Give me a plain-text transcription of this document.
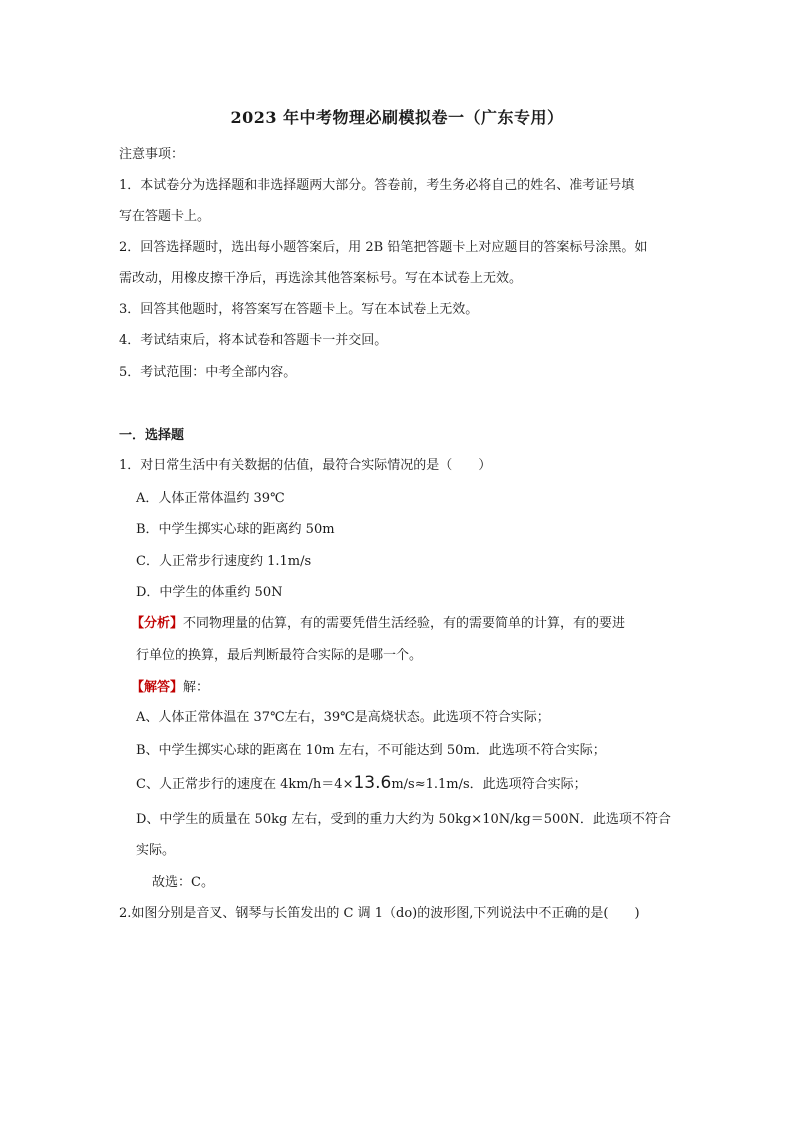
2023 年中考物理必刷模拟卷一（广东专用）
注意事项：
1．本试卷分为选择题和非选择题两大部分。答卷前，考生务必将自己的姓名、准考证号填
写在答题卡上。
2．回答选择题时，选出每小题答案后，用 2B 铅笔把答题卡上对应题目的答案标号涂黑。如
需改动，用橡皮擦干净后，再选涂其他答案标号。写在本试卷上无效。
3．回答其他题时，将答案写在答题卡上。写在本试卷上无效。
4．考试结束后，将本试卷和答题卡一并交回。
5．考试范围：中考全部内容。
一．选择题
1．对日常生活中有关数据的估值，最符合实际情况的是（　　）
A．人体正常体温约 39℃
B．中学生掷实心球的距离约 50m
C．人正常步行速度约 1.1m/s
D．中学生的体重约 50N
【分析】不同物理量的估算，有的需要凭借生活经验，有的需要简单的计算，有的要进
行单位的换算，最后判断最符合实际的是哪一个。
【解答】解：
A、人体正常体温在 37℃左右，39℃是高烧状态。此选项不符合实际；
B、中学生掷实心球的距离在 10m 左右，不可能达到 50m．此选项不符合实际；
C、人正常步行的速度在 4km/h＝4×13.6m/s≈1.1m/s．此选项符合实际；
D、中学生的质量在 50kg 左右，受到的重力大约为 50kg×10N/kg＝500N．此选项不符合
实际。
故选：C。
2.如图分别是音叉、钢琴与长笛发出的 C 调 1（do)的波形图,下列说法中不正确的是(　　)
